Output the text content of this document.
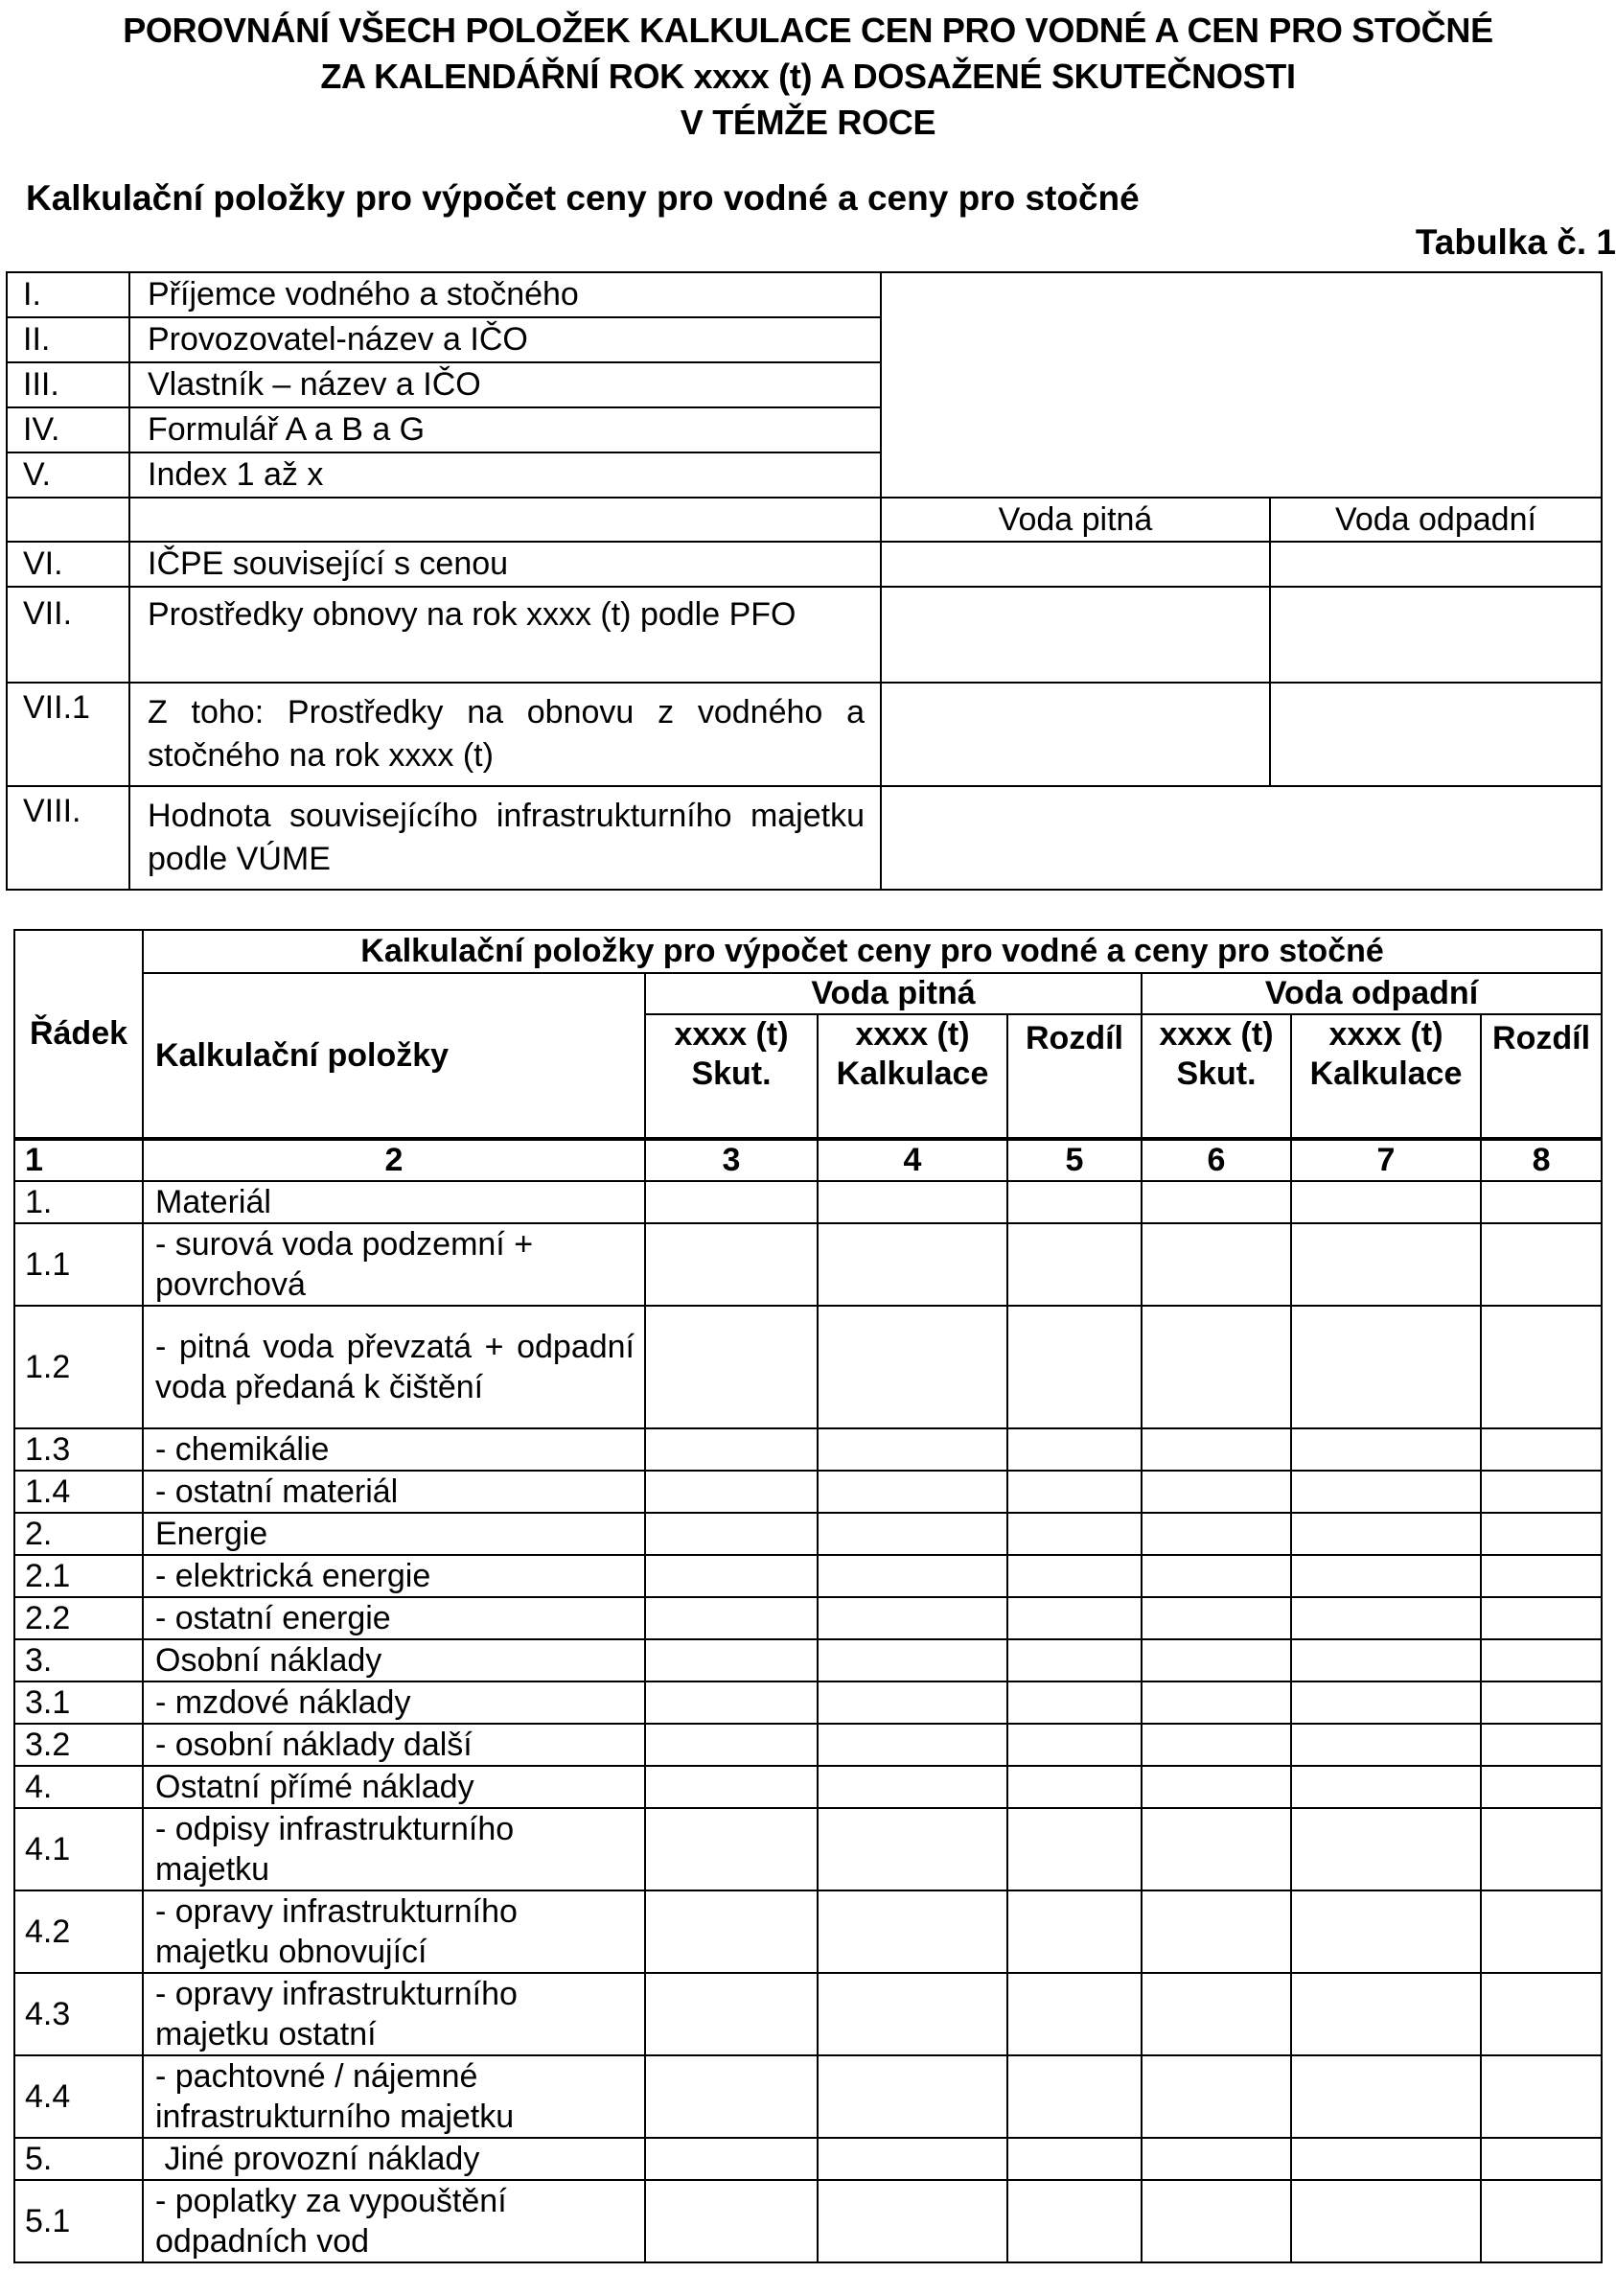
POROVNÁNÍ VŠECH POLOŽEK KALKULACE CEN PRO VODNÉ A CEN PRO STOČNÉ
ZA KALENDÁŘNÍ ROK xxxx (t) A DOSAŽENÉ SKUTEČNOSTI
V TÉMŽE ROCE
Kalkulační položky pro výpočet ceny pro vodné a ceny pro stočné
Tabulka č. 1
I.	Příjemce vodného a stočného		
II.	Provozovatel-název a IČO		
III.	Vlastník – název a IČO		
IV.	Formulář A a B a G		
V.	Index 1 až x		
		Voda pitná	Voda odpadní
VI.	IČPE související s cenou		
VII.	Prostředky obnovy na rok xxxx (t) podle PFO		
VII.1	Z toho: Prostředky na obnovu z vodného a stočného na rok xxxx (t)		
VIII.	Hodnota souvisejícího infrastrukturního majetku podle VÚME		
Řádek	Kalkulační položky pro výpočet ceny pro vodné a ceny pro stočné						
	Kalkulační položky	Voda pitná			Voda odpadní		
		xxxx (t)	xxxx (t)	Rozdíl	xxxx (t)	xxxx (t)	Rozdíl
		Skut.	Kalkulace		Skut.	Kalkulace	
1	2	3	4	5	6	7	8
1.	Materiál						
1.1	- surová voda podzemní + povrchová						
1.2	- pitná voda převzatá + odpadní voda předaná k čištění						
1.3	- chemikálie						
1.4	- ostatní materiál						
2.	Energie						
2.1	- elektrická energie						
2.2	- ostatní energie						
3.	Osobní náklady						
3.1	- mzdové náklady						
3.2	- osobní náklady další						
4.	Ostatní přímé náklady						
4.1	- odpisy infrastrukturního majetku						
4.2	- opravy infrastrukturního majetku obnovující						
4.3	- opravy infrastrukturního majetku ostatní						
4.4	- pachtovné / nájemné infrastrukturního majetku						
5.	Jiné provozní náklady						
5.1	- poplatky za vypouštění odpadních vod						
